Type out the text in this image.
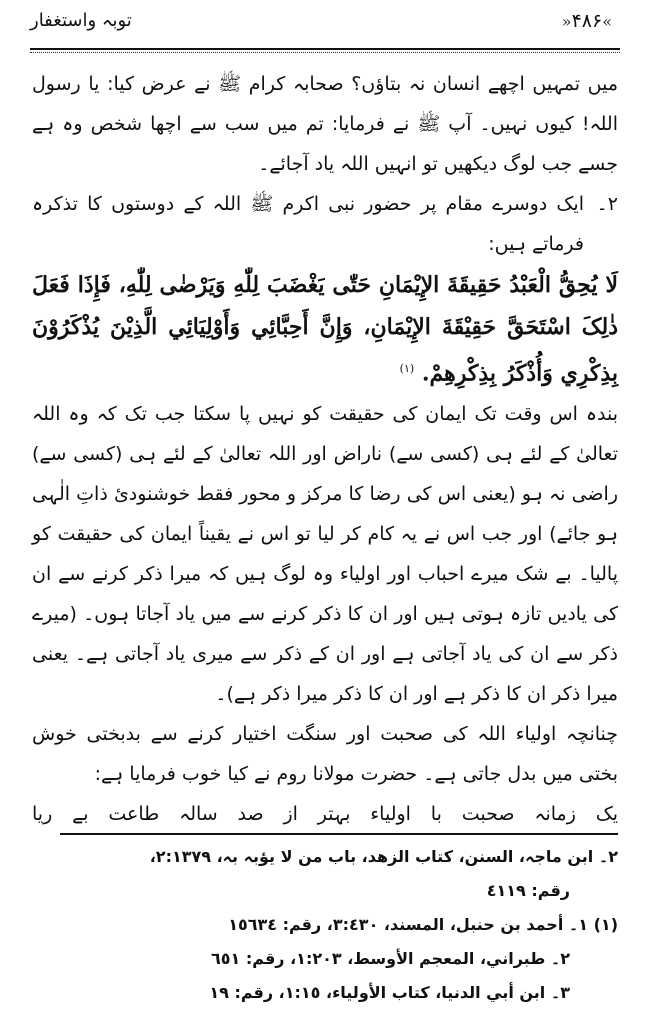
»۴۸۶«
توبہ واستغفار

میں تمہیں اچھے انسان نہ بتاؤں؟ صحابہ کرام ﷺ نے عرض کیا: یا رسول اللہ! کیوں نہیں۔ آپ ﷺ نے فرمایا: تم میں سب سے اچھا شخص وہ ہے جسے جب لوگ دیکھیں تو انہیں اللہ یاد آجائے۔

۲۔

ایک دوسرے مقام پر حضور نبی اکرم ﷺ اللہ کے دوستوں کا تذکرہ فرماتے ہیں:

لَا يُحِقُّ الْعَبْدُ حَقِيقَةَ الإِيْمَانِ حَتّٰى يَغْضَبَ لِلّٰهِ وَيَرْضٰى لِلّٰهِ، فَإِذَا فَعَلَ ذٰلِکَ اسْتَحَقَّ حَقِيْقَةَ الإِيْمَانِ، وَإِنَّ أَحِبَّائِي وَأَوْلِيَائِي الَّذِيْنَ يُذْكَرُوْنَ بِذِكْرِي وَأُذْكَرُ بِذِكْرِهِمْ. $^{(۱)}$

بندہ اس وقت تک ایمان کی حقیقت کو نہیں پا سکتا جب تک کہ وہ اللہ تعالیٰ کے لئے ہی (کسی سے) ناراض اور اللہ تعالیٰ کے لئے ہی (کسی سے) راضی نہ ہو (یعنی اس کی رضا کا مرکز و محور فقط خوشنودیٔ ذاتِ الٰہی ہو جائے) اور جب اس نے یہ کام کر لیا تو اس نے یقیناً ایمان کی حقیقت کو پالیا۔ بے شک میرے احباب اور اولیاء وہ لوگ ہیں کہ میرا ذکر کرنے سے ان کی یادیں تازہ ہوتی ہیں اور ان کا ذکر کرنے سے میں یاد آجاتا ہوں۔ (میرے ذکر سے ان کی یاد آجاتی ہے اور ان کے ذکر سے میری یاد آجاتی ہے۔ یعنی میرا ذکر ان کا ذکر ہے اور ان کا ذکر میرا ذکر ہے)۔

چنانچہ اولیاء اللہ کی صحبت اور سنگت اختیار کرنے سے بدبختی خوش بختی میں بدل جاتی ہے۔ حضرت مولانا روم نے کیا خوب فرمایا ہے:

یک
زمانہ
صحبت
با
اولیاء
بہتر
از
صد
سالہ
طاعت
بے
ریا

٢۔ ابن ماجہ، السنن، کتاب الزهد، باب من لا یؤبہ بہ، ٢:١٣٧٩،

رقم: ٤١١٩

(١) ١۔ أحمد بن حنبل، المسند، ٣:٤٣٠، رقم: ١٥٦٣٤

٢۔ طبراني، المعجم الأوسط، ١:٢٠٣، رقم: ٦٥١

٣۔ ابن أبي الدنيا، كتاب الأولياء، ١:١٥، رقم: ١٩
